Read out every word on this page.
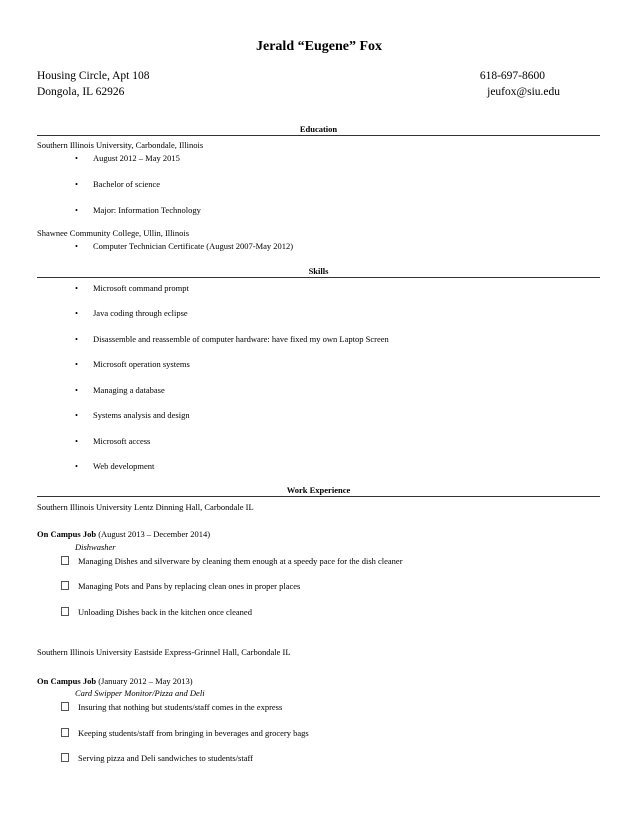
Jerald “Eugene” Fox
Housing Circle, Apt 108
Dongola, IL 62926
618-697-8600
jeufox@siu.edu
Education
Southern Illinois University, Carbondale, Illinois
• August 2012 – May 2015
• Bachelor of science
• Major: Information Technology
Shawnee Community College, Ullin, Illinois
• Computer Technician Certificate (August 2007-May 2012)
Skills
• Microsoft command prompt
• Java coding through eclipse
• Disassemble and reassemble of computer hardware: have fixed my own Laptop Screen
• Microsoft operation systems
• Managing a database
• Systems analysis and design
• Microsoft access
• Web development
Work Experience
Southern Illinois University Lentz Dinning Hall, Carbondale IL
On Campus Job (August 2013 – December 2014)
Dishwasher
Managing Dishes and silverware by cleaning them enough at a speedy pace for the dish cleaner
Managing Pots and Pans by replacing clean ones in proper places
Unloading Dishes back in the kitchen once cleaned
Southern Illinois University Eastside Express-Grinnel Hall, Carbondale IL
On Campus Job (January 2012 – May 2013)
Card Swipper Monitor/Pizza and Deli
Insuring that nothing but students/staff comes in the express
Keeping students/staff from bringing in beverages and grocery bags
Serving pizza and Deli sandwiches to students/staff
